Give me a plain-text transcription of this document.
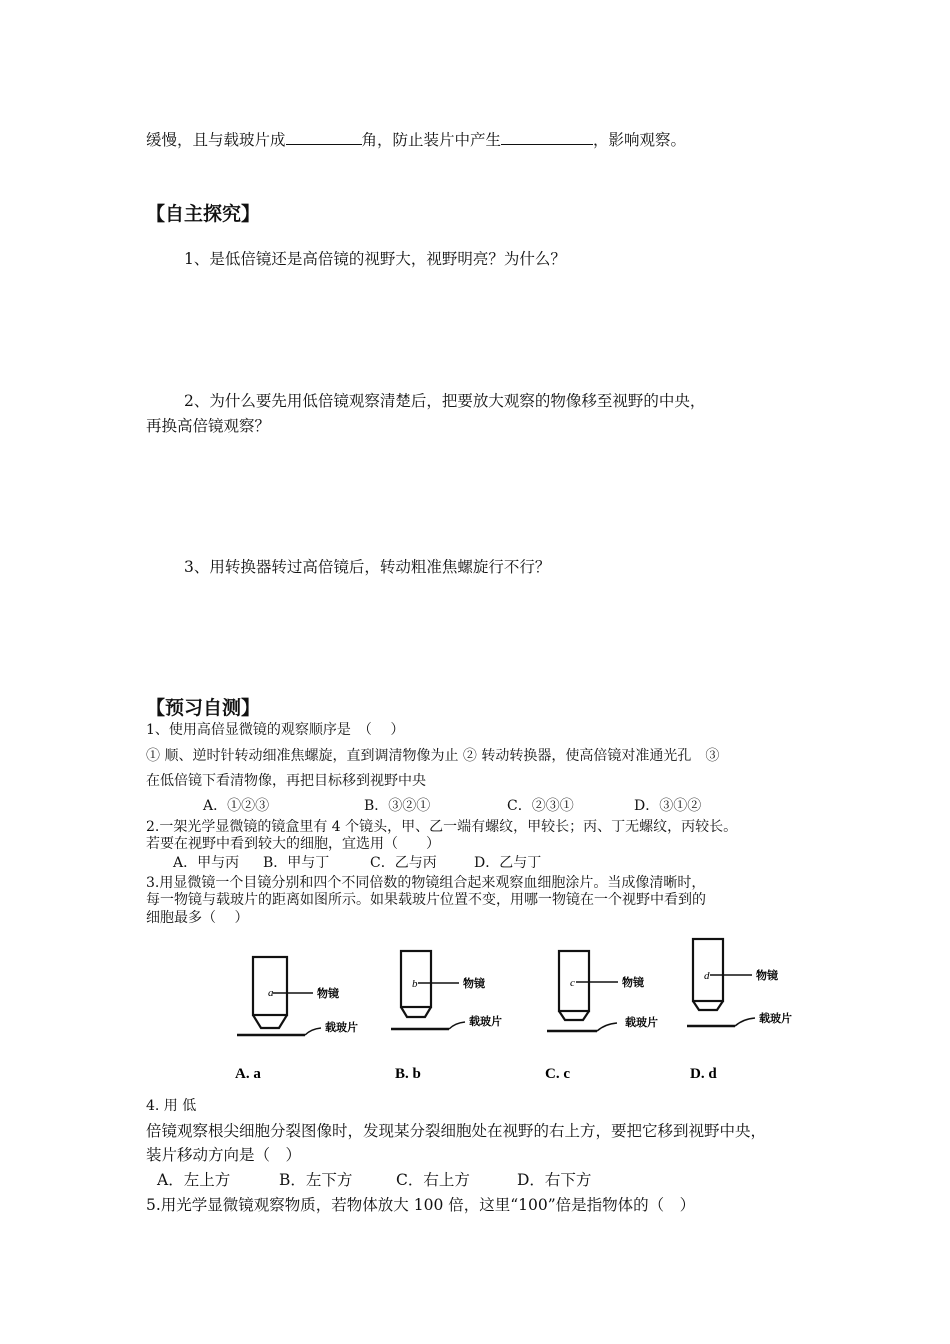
缓慢，且与载玻片成	角，防止装片中产生	，影响观察。
【自主探究】
1、是低倍镜还是高倍镜的视野大，视野明亮？为什么？
2、为什么要先用低倍镜观察清楚后，把要放大观察的物像移至视野的中央，
再换高倍镜观察？
3、用转换器转过高倍镜后，转动粗准焦螺旋行不行？
【预习自测】
1、使用高倍显微镜的观察顺序是　（　 ）
① 顺、逆时针转动细准焦螺旋，直到调清物像为止 ② 转动转换器，使高倍镜对准通光孔　③
在低倍镜下看清物像，再把目标移到视野中央
A．①②③	B．③②①	C．②③①	D．③①②
2.一架光学显微镜的镜盒里有 4 个镜头，甲、乙一端有螺纹，甲较长；丙、丁无螺纹，丙较长。
若要在视野中看到较大的细胞，宜选用（　　）
A．甲与丙 B．甲与丁	C．乙与丙	D．乙与丁
3.用显微镜一个目镜分别和四个不同倍数的物镜组合起来观察血细胞涂片。当成像清晰时，
每一物镜与载玻片的距离如图所示。如果载玻片位置不变，用哪一物镜在一个视野中看到的
细胞最多（　 ）
a	物镜
载玻片
A. a
b	物镜
载玻片
B. b
c	物镜
载玻片
C. c
d	物镜
载玻片
D. d
4. 用 低
倍镜观察根尖细胞分裂图像时，发现某分裂细胞处在视野的右上方，要把它移到视野中央，
装片移动方向是（　）
A．左上方	B．左下方	C．右上方	D．右下方
5.用光学显微镜观察物质，若物体放大 100 倍，这里“100”倍是指物体的（　）
